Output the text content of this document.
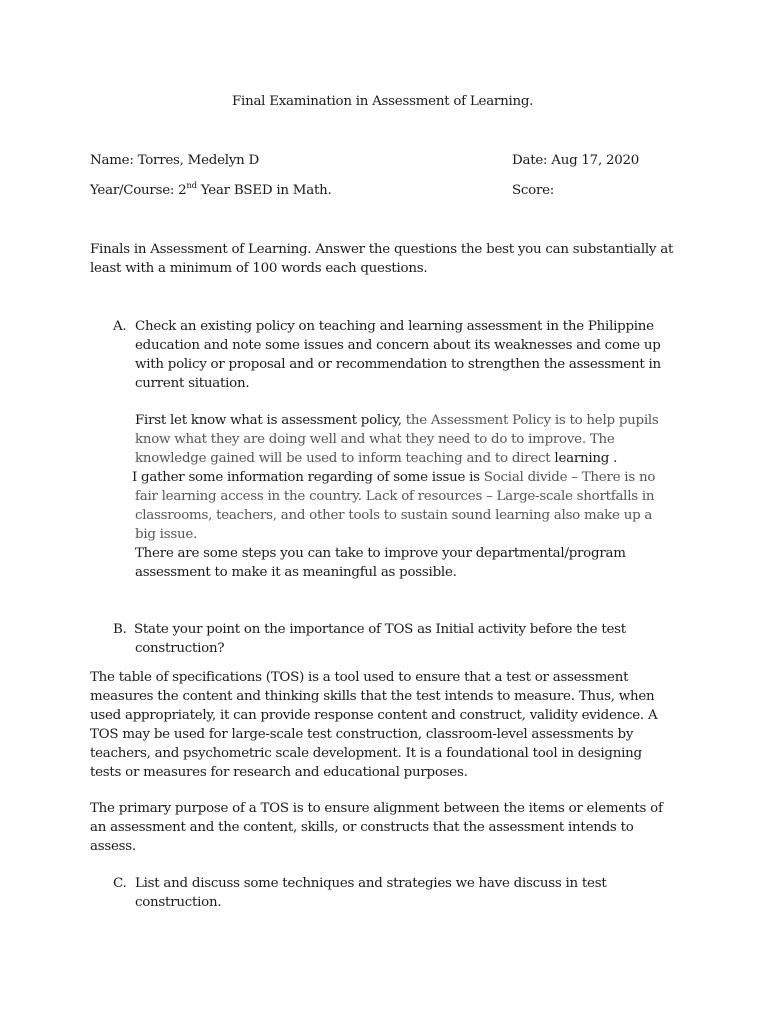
Final Examination in Assessment of Learning.
Name: Torres, Medelyn D	Date: Aug 17, 2020
Year/Course: 2nd Year BSED in Math.	Score:
Finals in Assessment of Learning. Answer the questions the best you can substantially at
least with a minimum of 100 words each questions.
A. Check an existing policy on teaching and learning assessment in the Philippine
education and note some issues and concern about its weaknesses and come up
with policy or proposal and or recommendation to strengthen the assessment in
current situation.
First let know what is assessment policy, the Assessment Policy is to help pupils
know what they are doing well and what they need to do to improve. The
knowledge gained will be used to inform teaching and to direct learning .
I gather some information regarding of some issue is Social divide – There is no
fair learning access in the country. Lack of resources – Large-scale shortfalls in
classrooms, teachers, and other tools to sustain sound learning also make up a
big issue.
There are some steps you can take to improve your departmental/program
assessment to make it as meaningful as possible.
B. State your point on the importance of TOS as Initial activity before the test
construction?
The table of specifications (TOS) is a tool used to ensure that a test or assessment
measures the content and thinking skills that the test intends to measure. Thus, when
used appropriately, it can provide response content and construct, validity evidence. A
TOS may be used for large-scale test construction, classroom-level assessments by
teachers, and psychometric scale development. It is a foundational tool in designing
tests or measures for research and educational purposes.
The primary purpose of a TOS is to ensure alignment between the items or elements of
an assessment and the content, skills, or constructs that the assessment intends to
assess.
C. List and discuss some techniques and strategies we have discuss in test
construction.
